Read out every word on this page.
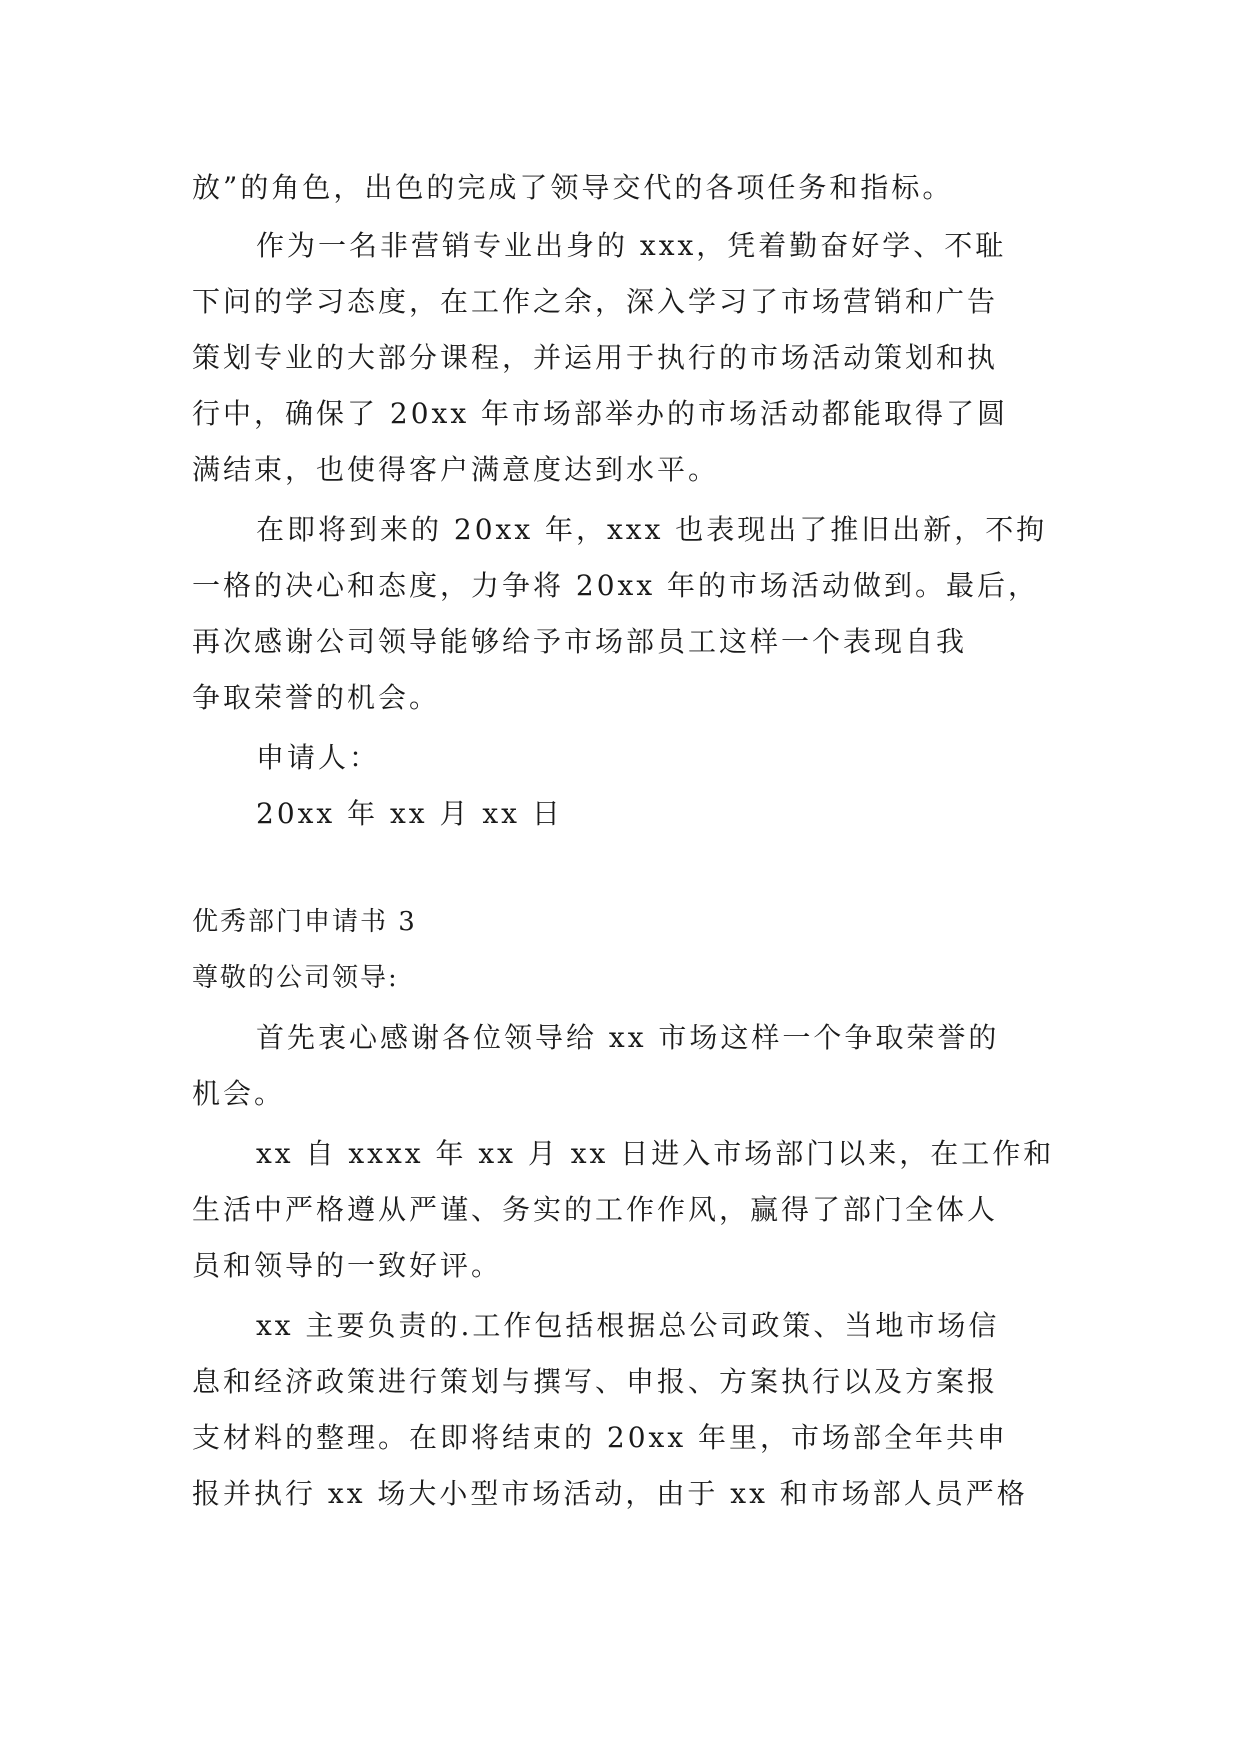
放”的角色，出色的完成了领导交代的各项任务和指标。
作为一名非营销专业出身的 xxx，凭着勤奋好学、不耻
下问的学习态度，在工作之余，深入学习了市场营销和广告
策划专业的大部分课程，并运用于执行的市场活动策划和执
行中，确保了 20xx 年市场部举办的市场活动都能取得了圆
满结束，也使得客户满意度达到水平。
在即将到来的 20xx 年，xxx 也表现出了推旧出新，不拘
一格的决心和态度，力争将 20xx 年的市场活动做到。最后，
再次感谢公司领导能够给予市场部员工这样一个表现自我
争取荣誉的机会。
申请人：
20xx 年 xx 月 xx 日
优秀部门申请书 3
尊敬的公司领导:
首先衷心感谢各位领导给 xx 市场这样一个争取荣誉的
机会。
xx 自 xxxx 年 xx 月 xx 日进入市场部门以来，在工作和
生活中严格遵从严谨、务实的工作作风，赢得了部门全体人
员和领导的一致好评。
xx 主要负责的.工作包括根据总公司政策、当地市场信
息和经济政策进行策划与撰写、申报、方案执行以及方案报
支材料的整理。在即将结束的 20xx 年里，市场部全年共申
报并执行 xx 场大小型市场活动，由于 xx 和市场部人员严格
